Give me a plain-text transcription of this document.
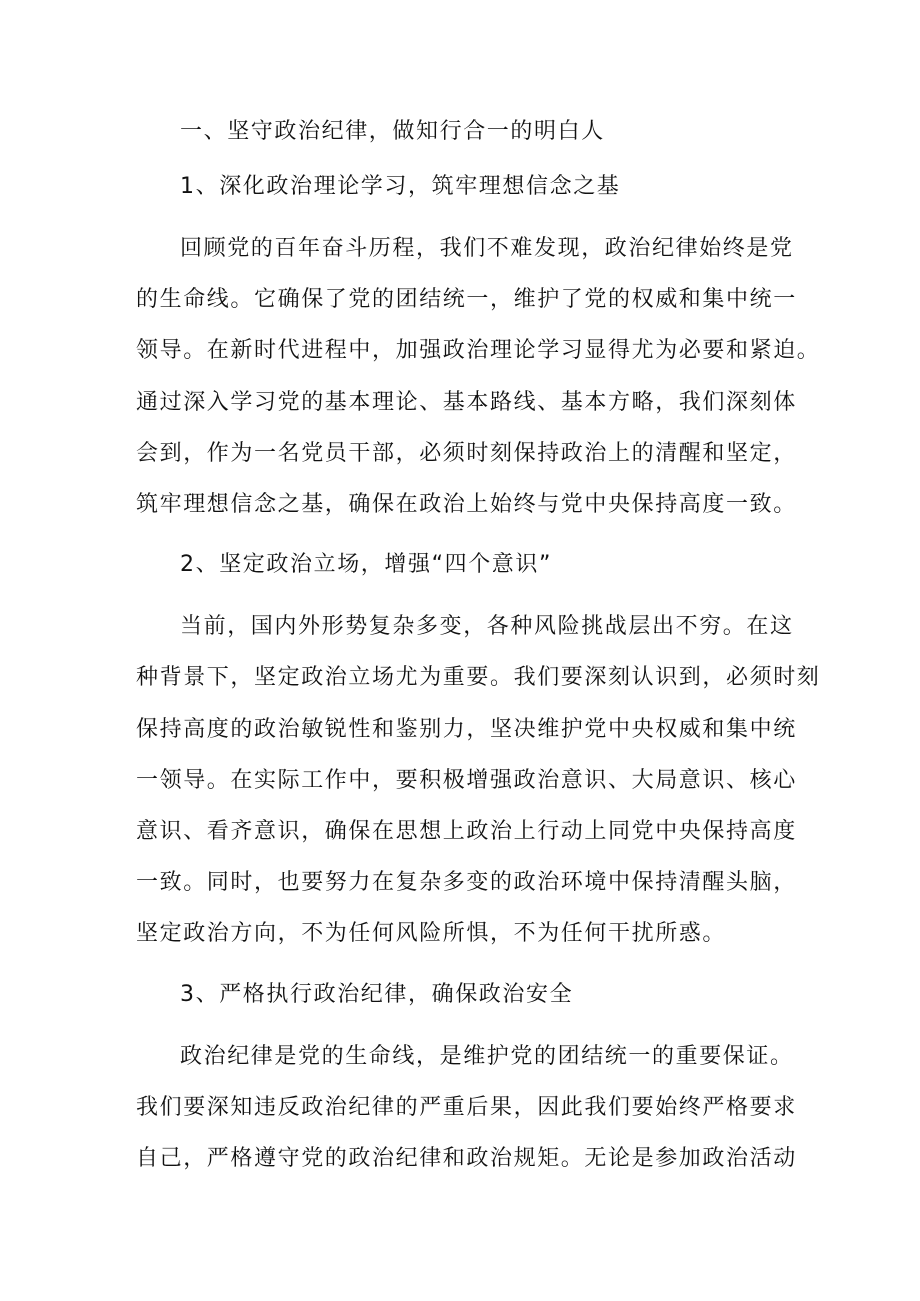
一、坚守政治纪律，做知行合一的明白人

1、深化政治理论学习，筑牢理想信念之基

回顾党的百年奋斗历程，我们不难发现，政治纪律始终是党
的生命线。它确保了党的团结统一，维护了党的权威和集中统一
领导。在新时代进程中，加强政治理论学习显得尤为必要和紧迫。
通过深入学习党的基本理论、基本路线、基本方略，我们深刻体
会到，作为一名党员干部，必须时刻保持政治上的清醒和坚定，
筑牢理想信念之基，确保在政治上始终与党中央保持高度一致。

2、坚定政治立场，增强“四个意识”

当前，国内外形势复杂多变，各种风险挑战层出不穷。在这
种背景下，坚定政治立场尤为重要。我们要深刻认识到，必须时刻
保持高度的政治敏锐性和鉴别力，坚决维护党中央权威和集中统
一领导。在实际工作中，要积极增强政治意识、大局意识、核心
意识、看齐意识，确保在思想上政治上行动上同党中央保持高度
一致。同时，也要努力在复杂多变的政治环境中保持清醒头脑，
坚定政治方向，不为任何风险所惧，不为任何干扰所惑。

3、严格执行政治纪律，确保政治安全

政治纪律是党的生命线，是维护党的团结统一的重要保证。
我们要深知违反政治纪律的严重后果，因此我们要始终严格要求
自己，严格遵守党的政治纪律和政治规矩。无论是参加政治活动
